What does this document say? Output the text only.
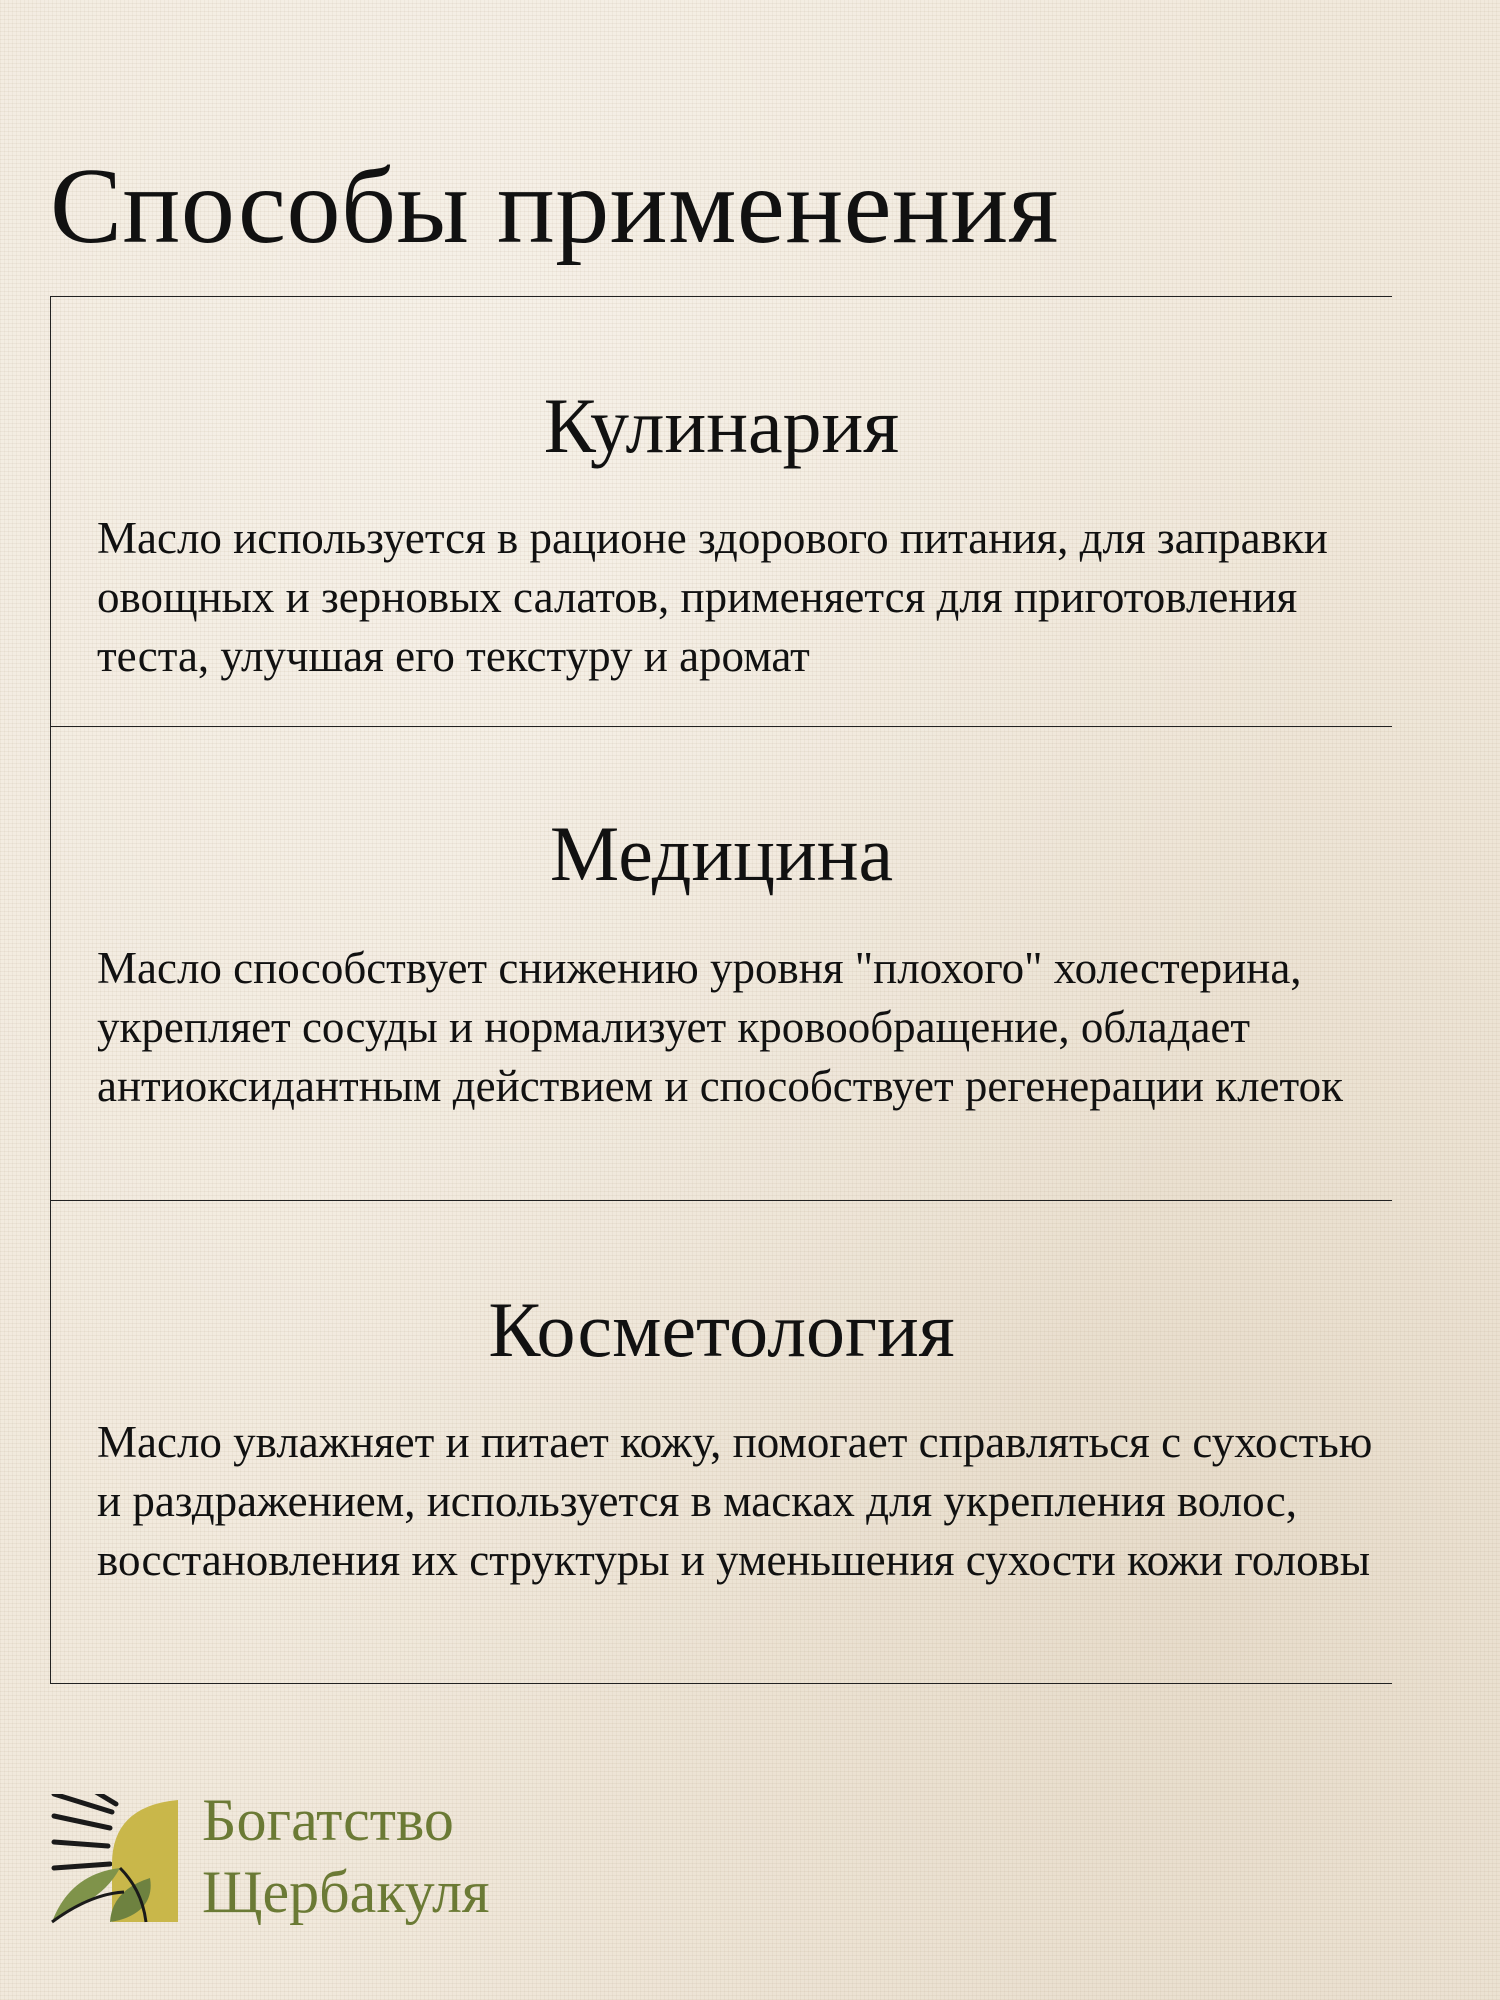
Способы применения
Кулинария

Масло используется в рационе здорового питания, для заправки овощных и зерновых салатов, применяется для приготовления теста, улучшая его текстуру и аромат

Медицина

Масло способствует снижению уровня "плохого" холестерина, укрепляет сосуды и нормализует кровообращение, обладает антиоксидантным действием и способствует регенерации клеток

Косметология

Масло увлажняет и питает кожу, помогает справляться с сухостью и раздражением, используется в масках для укрепления волос, восстановления их структуры и уменьшения сухости кожи головы

Богатство
Щербакуля
